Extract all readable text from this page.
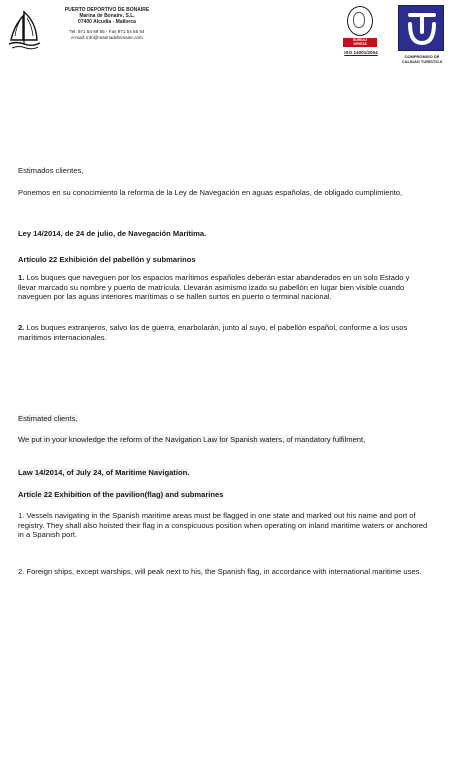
PUERTO DEPORTIVO DE BONAIRE
Marina de Bonaire, S.L.
07400 Alcudia - Mallorca
Tel. 971 54 69 55 - Fax 971 54 65 64
e-mail: info@marinadebonaire.com
BUREAU
VERITAS
ISO 14001/2004
COMPROMISO DE
CALIDAD TURÍSTICA

Estimados clientes,

Ponemos en su conocimiento la reforma de la Ley de Navegación en aguas españolas, de obligado cumplimiento,

Ley 14/2014, de 24 de julio, de Navegación Marítima.

Artículo 22 Exhibición del pabellón y submarinos

1. Los buques que naveguen por los espacios marítimos españoles deberán estar abanderados en un solo Estado y llevar marcado su nombre y puerto de matrícula. Llevarán asimismo izado su pabellón en lugar bien visible cuando naveguen por las aguas interiores marítimas o se hallen surtos en puerto o terminal nacional.

2. Los buques extranjeros, salvo los de guerra, enarbolarán, junto al suyo, el pabellón español, conforme a los usos marítimos internacionales.

Estimated clients,

We put in your knowledge the reform of the Navigation Law for Spanish waters, of mandatory fulfilment,

Law 14/2014, of July 24, of Maritime Navigation.

Article 22 Exhibition of the pavilion(flag) and submarines

1. Vessels navigating in the Spanish maritime areas must be flagged in one state and marked out his name and port of registry. They shall also hoisted their flag in a conspicuous position when operating on inland maritime waters or anchored in a Spanish port.

2. Foreign ships, except warships, will peak next to his, the Spanish flag, in accordance with international maritime uses.
